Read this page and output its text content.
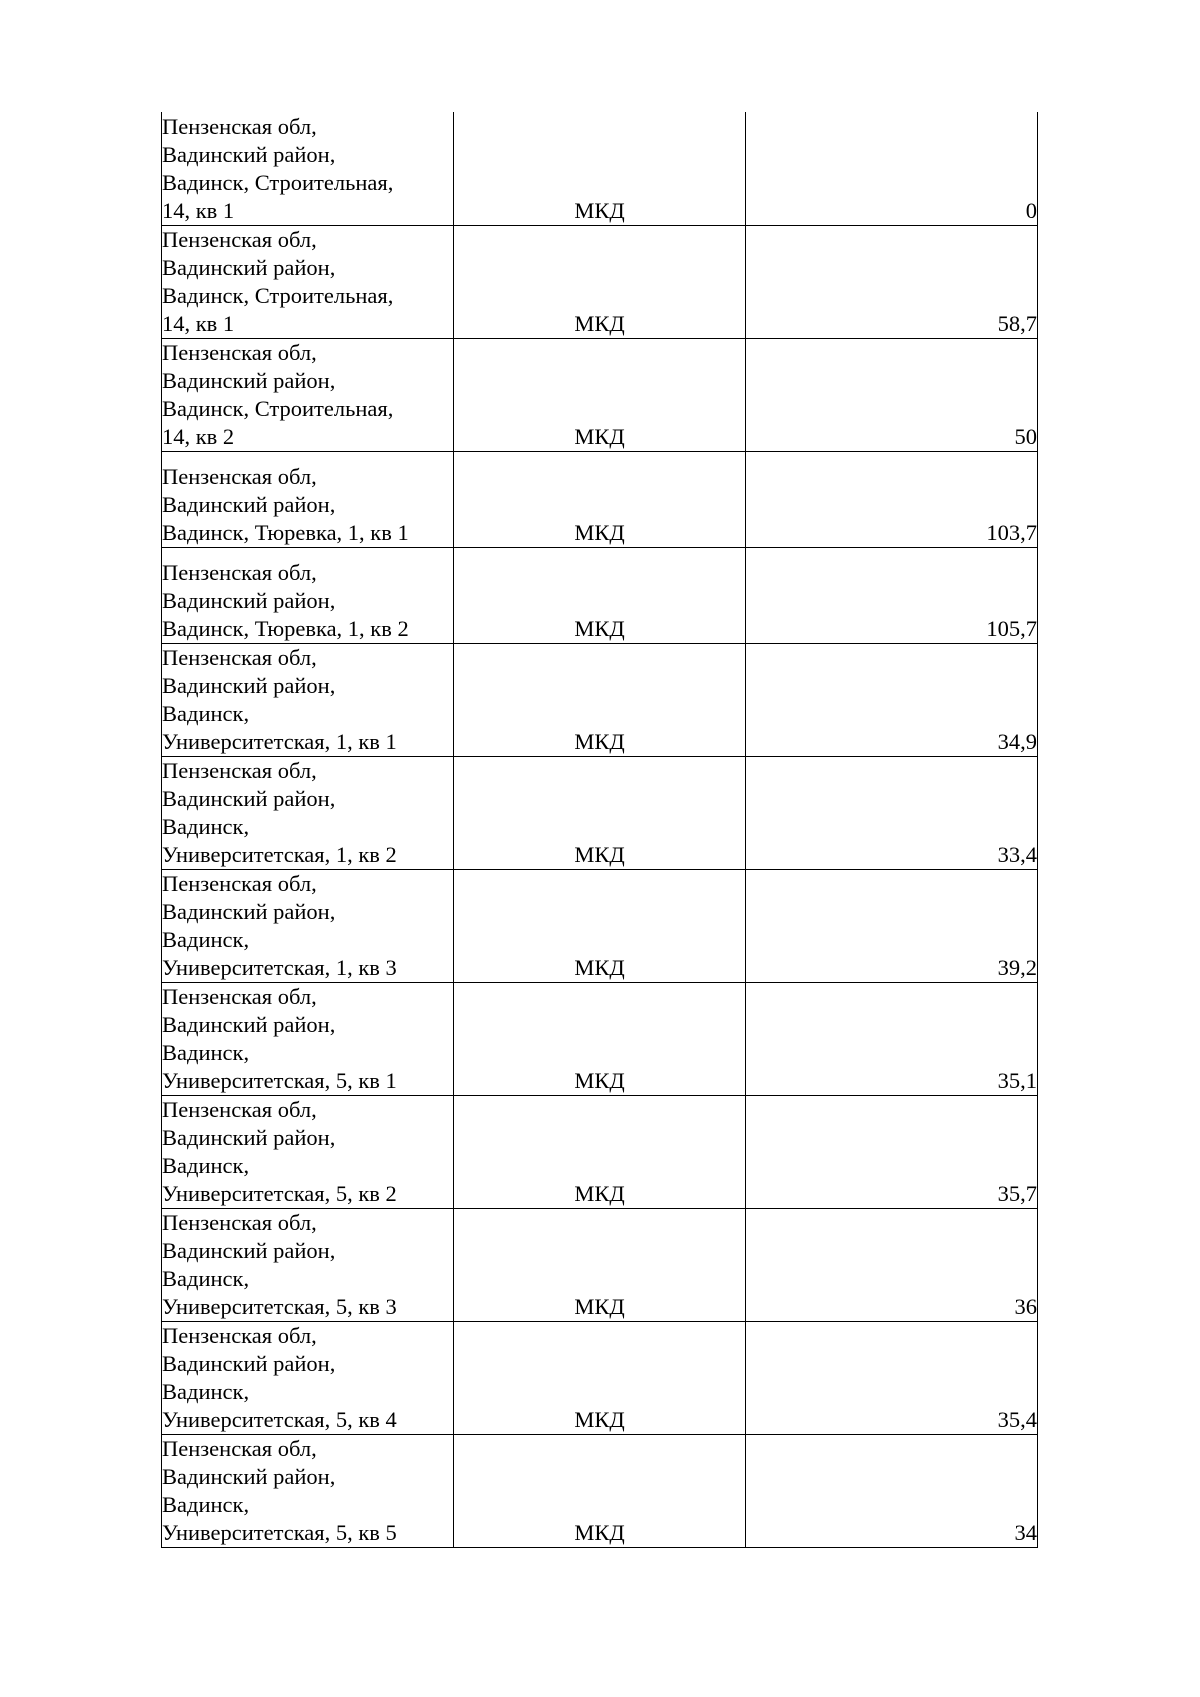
Пензенская обл,
Вадинский район,
Вадинск, Строительная,
14, кв 1	МКД	0

Пензенская обл,
Вадинский район,
Вадинск, Строительная,
14, кв 1	МКД	58,7

Пензенская обл,
Вадинский район,
Вадинск, Строительная,
14, кв 2	МКД	50

Пензенская обл,
Вадинский район,
Вадинск, Тюревка, 1, кв 1	МКД	103,7

Пензенская обл,
Вадинский район,
Вадинск, Тюревка, 1, кв 2	МКД	105,7

Пензенская обл,
Вадинский район,
Вадинск,
Университетская, 1, кв 1	МКД	34,9

Пензенская обл,
Вадинский район,
Вадинск,
Университетская, 1, кв 2	МКД	33,4

Пензенская обл,
Вадинский район,
Вадинск,
Университетская, 1, кв 3	МКД	39,2

Пензенская обл,
Вадинский район,
Вадинск,
Университетская, 5, кв 1	МКД	35,1

Пензенская обл,
Вадинский район,
Вадинск,
Университетская, 5, кв 2	МКД	35,7

Пензенская обл,
Вадинский район,
Вадинск,
Университетская, 5, кв 3	МКД	36

Пензенская обл,
Вадинский район,
Вадинск,
Университетская, 5, кв 4	МКД	35,4

Пензенская обл,
Вадинский район,
Вадинск,
Университетская, 5, кв 5	МКД	34
